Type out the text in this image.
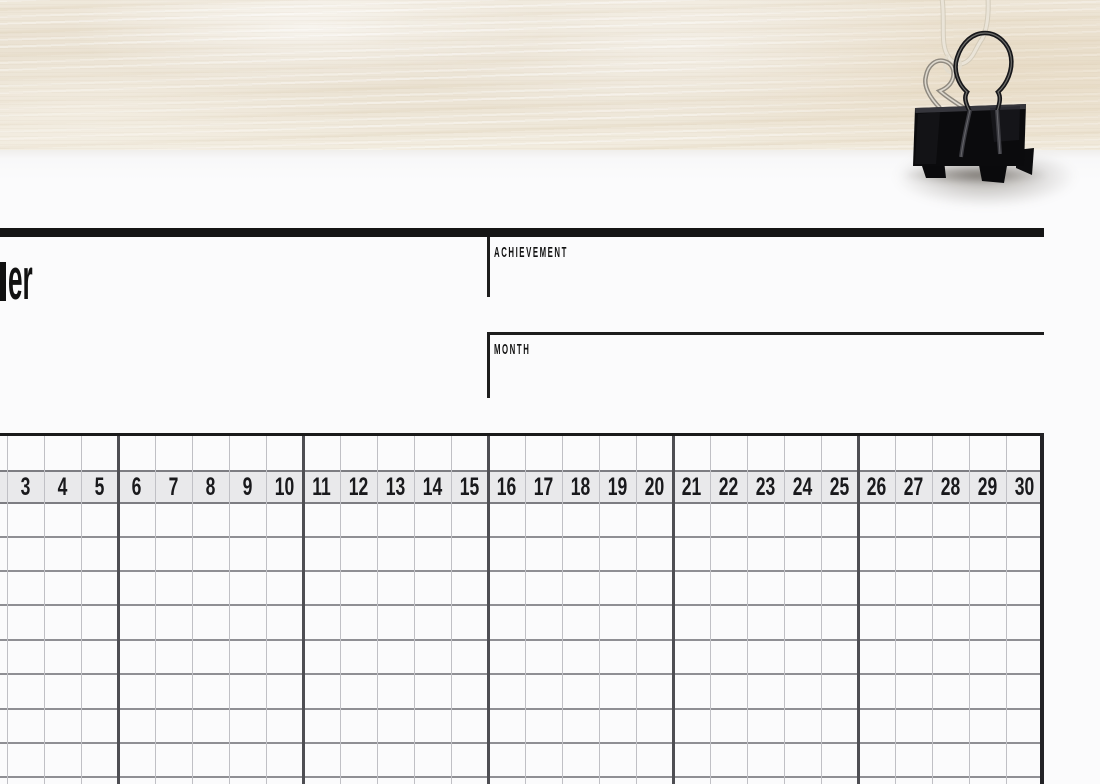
er	ACHIEVEMENT
MONTH
3	4	5	6	7	8	9 10 11 12 13 14 15 16 17 18 19 20 21 22 23 24 25 26 27 28 29 30
